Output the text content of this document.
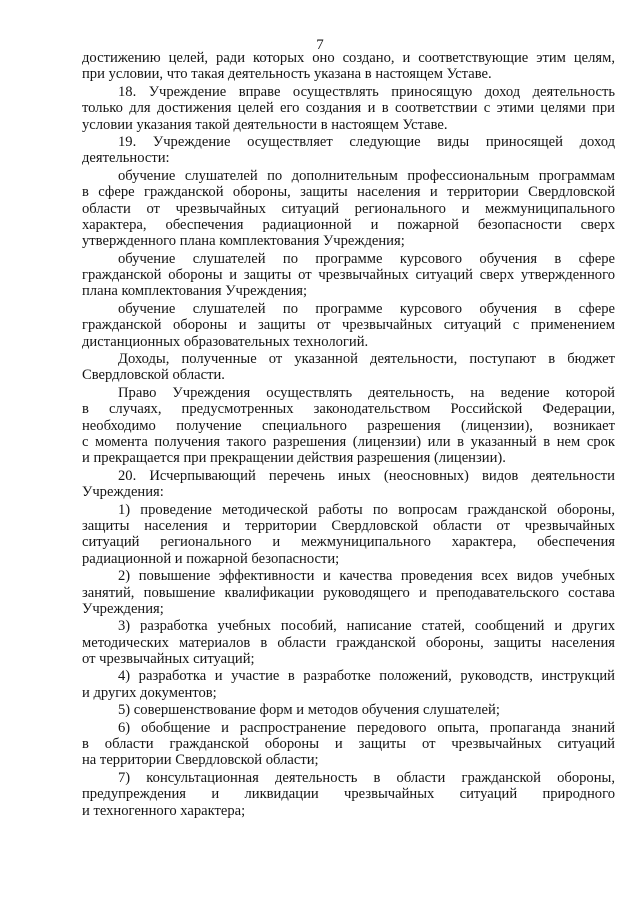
7
достижению целей, ради которых оно создано, и соответствующие этим целям,
при условии, что такая деятельность указана в настоящем Уставе.
18. Учреждение вправе осуществлять приносящую доход деятельность
только для достижения целей его создания и в соответствии с этими целями при
условии указания такой деятельности в настоящем Уставе.
19. Учреждение осуществляет следующие виды приносящей доход
деятельности:
обучение слушателей по дополнительным профессиональным программам
в сфере гражданской обороны, защиты населения и территории Свердловской
области от чрезвычайных ситуаций регионального и межмуниципального
характера, обеспечения радиационной и пожарной безопасности сверх
утвержденного плана комплектования Учреждения;
обучение слушателей по программе курсового обучения в сфере
гражданской обороны и защиты от чрезвычайных ситуаций сверх утвержденного
плана комплектования Учреждения;
обучение слушателей по программе курсового обучения в сфере
гражданской обороны и защиты от чрезвычайных ситуаций с применением
дистанционных образовательных технологий.
Доходы, полученные от указанной деятельности, поступают в бюджет
Свердловской области.
Право Учреждения осуществлять деятельность, на ведение которой
в случаях, предусмотренных законодательством Российской Федерации,
необходимо получение специального разрешения (лицензии), возникает
с момента получения такого разрешения (лицензии) или в указанный в нем срок
и прекращается при прекращении действия разрешения (лицензии).
20. Исчерпывающий перечень иных (неосновных) видов деятельности
Учреждения:
1) проведение методической работы по вопросам гражданской обороны,
защиты населения и территории Свердловской области от чрезвычайных
ситуаций регионального и межмуниципального характера, обеспечения
радиационной и пожарной безопасности;
2) повышение эффективности и качества проведения всех видов учебных
занятий, повышение квалификации руководящего и преподавательского состава
Учреждения;
3) разработка учебных пособий, написание статей, сообщений и других
методических материалов в области гражданской обороны, защиты населения
от чрезвычайных ситуаций;
4) разработка и участие в разработке положений, руководств, инструкций
и других документов;
5) совершенствование форм и методов обучения слушателей;
6) обобщение и распространение передового опыта, пропаганда знаний
в области гражданской обороны и защиты от чрезвычайных ситуаций
на территории Свердловской области;
7) консультационная деятельность в области гражданской обороны,
предупреждения и ликвидации чрезвычайных ситуаций природного
и техногенного характера;
